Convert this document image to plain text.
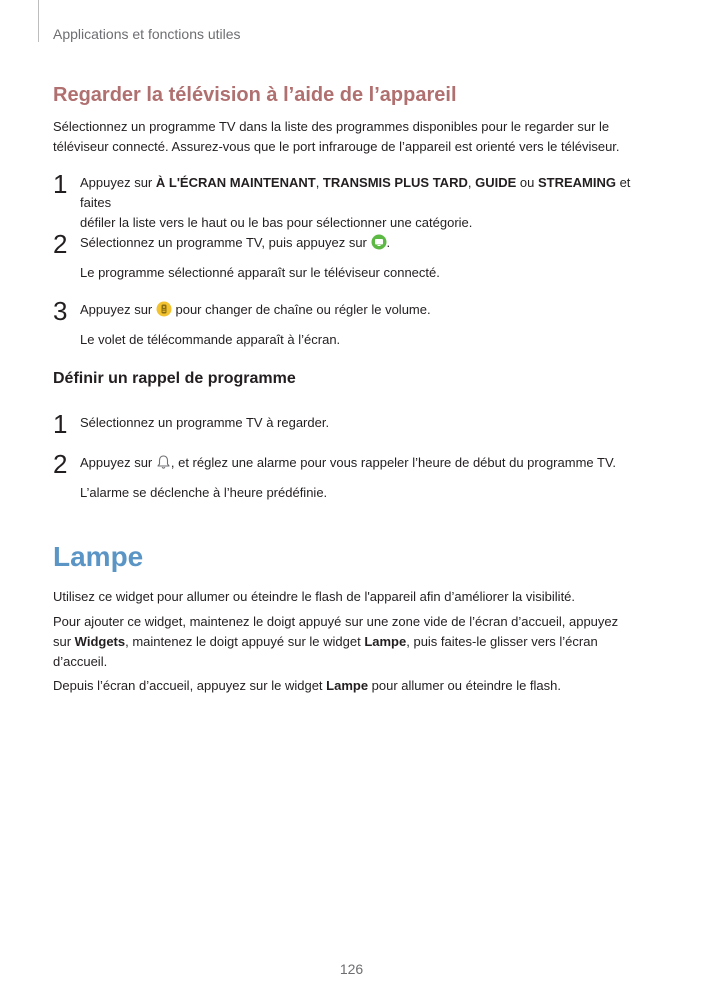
Applications et fonctions utiles
Regarder la télévision à l’aide de l’appareil
Sélectionnez un programme TV dans la liste des programmes disponibles pour le regarder sur le
téléviseur connecté. Assurez-vous que le port infrarouge de l’appareil est orienté vers le téléviseur.
1 Appuyez sur À L'ÉCRAN MAINTENANT, TRANSMIS PLUS TARD, GUIDE ou STREAMING et faites
défiler la liste vers le haut ou le bas pour sélectionner une catégorie.
2 Sélectionnez un programme TV, puis appuyez sur .
Le programme sélectionné apparaît sur le téléviseur connecté.
3 Appuyez sur  pour changer de chaîne ou régler le volume.
Le volet de télécommande apparaît à l’écran.
Définir un rappel de programme
1 Sélectionnez un programme TV à regarder.
2 Appuyez sur , et réglez une alarme pour vous rappeler l’heure de début du programme TV.
L’alarme se déclenche à l’heure prédéfinie.
Lampe
Utilisez ce widget pour allumer ou éteindre le flash de l'appareil afin d’améliorer la visibilité.
Pour ajouter ce widget, maintenez le doigt appuyé sur une zone vide de l’écran d’accueil, appuyez
sur Widgets, maintenez le doigt appuyé sur le widget Lampe, puis faites-le glisser vers l’écran
d’accueil.
Depuis l’écran d’accueil, appuyez sur le widget Lampe pour allumer ou éteindre le flash.
126
